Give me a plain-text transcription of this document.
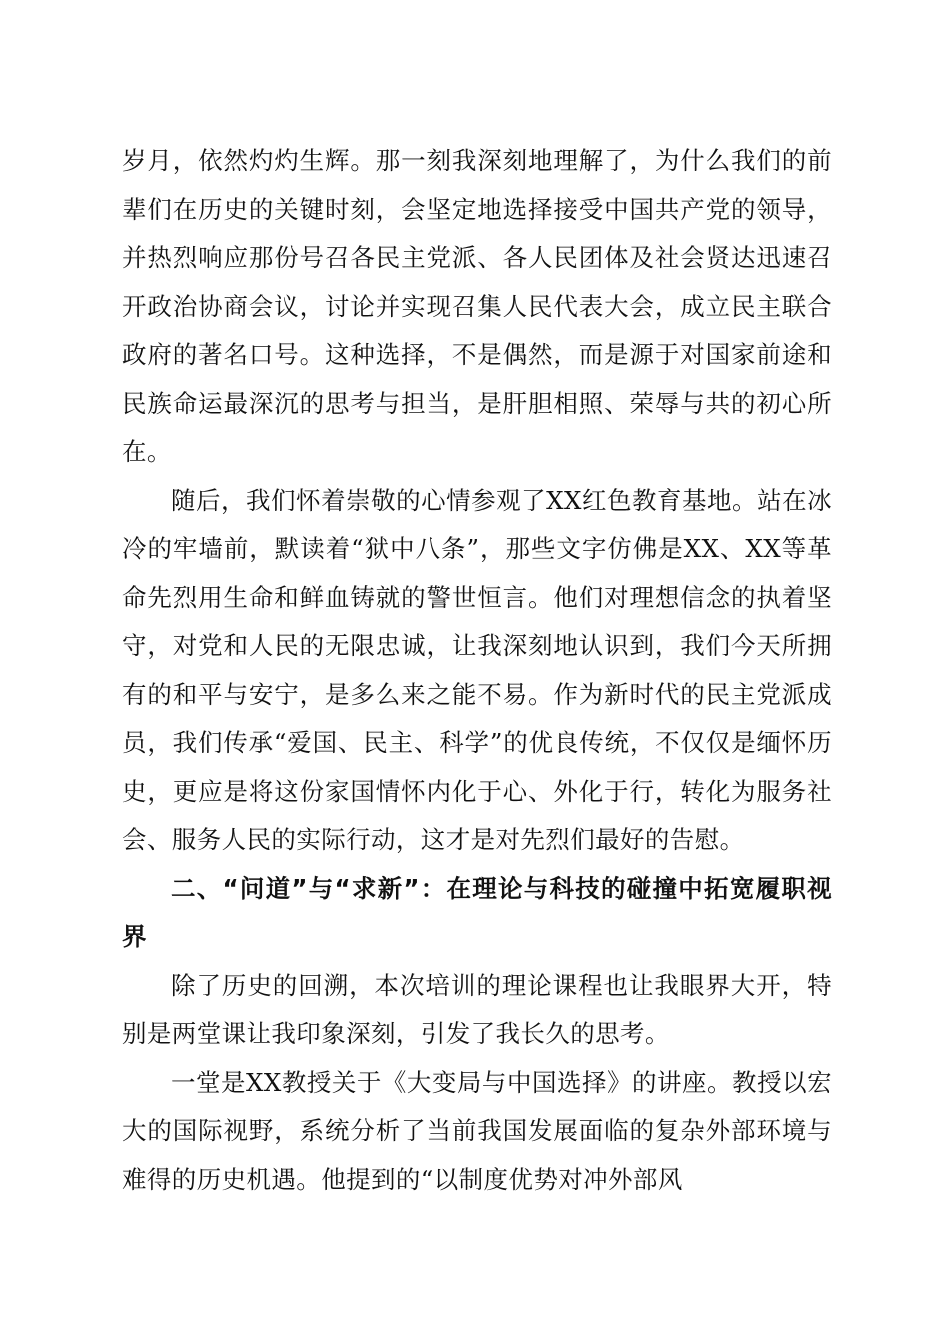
岁月，依然灼灼生辉。那一刻我深刻地理解了，为什么我们的前辈们在历史的关键时刻，会坚定地选择接受中国共产党的领导，并热烈响应那份号召各民主党派、各人民团体及社会贤达迅速召开政治协商会议，讨论并实现召集人民代表大会，成立民主联合政府的著名口号。这种选择，不是偶然，而是源于对国家前途和民族命运最深沉的思考与担当，是肝胆相照、荣辱与共的初心所在。

随后，我们怀着崇敬的心情参观了XX红色教育基地。站在冰冷的牢墙前，默读着“狱中八条”，那些文字仿佛是XX、XX等革命先烈用生命和鲜血铸就的警世恒言。他们对理想信念的执着坚守，对党和人民的无限忠诚，让我深刻地认识到，我们今天所拥有的和平与安宁，是多么来之能不易。作为新时代的民主党派成员，我们传承“爱国、民主、科学”的优良传统，不仅仅是缅怀历史，更应是将这份家国情怀内化于心、外化于行，转化为服务社会、服务人民的实际行动，这才是对先烈们最好的告慰。

二、“问道”与“求新”：在理论与科技的碰撞中拓宽履职视界

除了历史的回溯，本次培训的理论课程也让我眼界大开，特别是两堂课让我印象深刻，引发了我长久的思考。

一堂是XX教授关于《大变局与中国选择》的讲座。教授以宏大的国际视野，系统分析了当前我国发展面临的复杂外部环境与难得的历史机遇。他提到的“以制度优势对冲外部风
